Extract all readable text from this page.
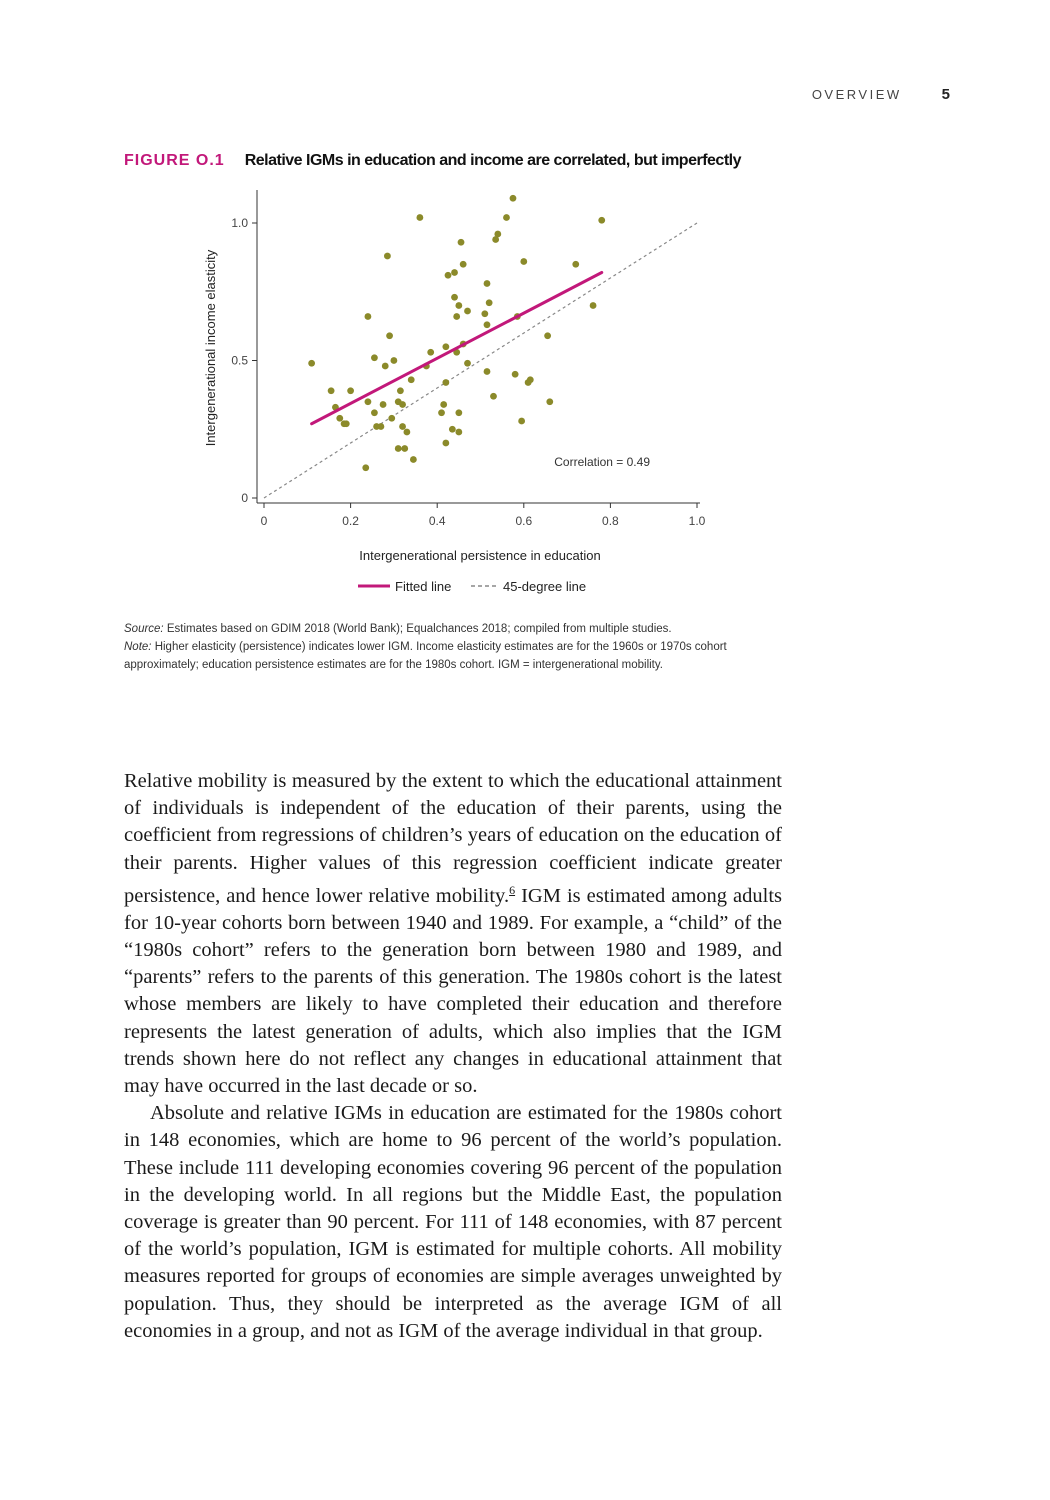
OVERVIEW	5
FIGURE O.1 Relative IGMs in education and income are correlated, but imperfectly
0	0.2	0.4	0.6	0.8	1.0
0
0.5
1.0
Intergenerational income elasticity
Intergenerational persistence in education
Correlation = 0.49
Fitted line	45-degree line

Source: Estimates based on GDIM 2018 (World Bank); Equalchances 2018; compiled from multiple studies.

Note: Higher elasticity (persistence) indicates lower IGM. Income elasticity estimates are for the 1960s or 1970s cohort approximately; education persistence estimates are for the 1980s cohort. IGM = intergenerational mobility.

Relative mobility is measured by the extent to which the educational attainment of individuals is independent of the education of their parents, using the coefficient from regressions of children’s years of education on the education of their parents. Higher values of this regression coefficient indicate greater persistence, and hence lower relative mobility.$^6$ IGM is estimated among adults for 10-year cohorts born between 1940 and 1989. For example, a “child” of the “1980s cohort” refers to the generation born between 1980 and 1989, and “parents” refers to the parents of this generation. The 1980s cohort is the latest whose members are likely to have completed their education and therefore represents the latest generation of adults, which also implies that the IGM trends shown here do not reflect any changes in educational attainment that may have occurred in the last decade or so.

Absolute and relative IGMs in education are estimated for the 1980s cohort in 148 economies, which are home to 96 percent of the world’s population. These include 111 developing economies covering 96 percent of the population in the developing world. In all regions but the Middle East, the population coverage is greater than 90 percent. For 111 of 148 economies, with 87 percent of the world’s population, IGM is estimated for multiple cohorts. All mobility measures reported for groups of economies are simple averages unweighted by population. Thus, they should be interpreted as the average IGM of all economies in a group, and not as IGM of the average individual in that group.
